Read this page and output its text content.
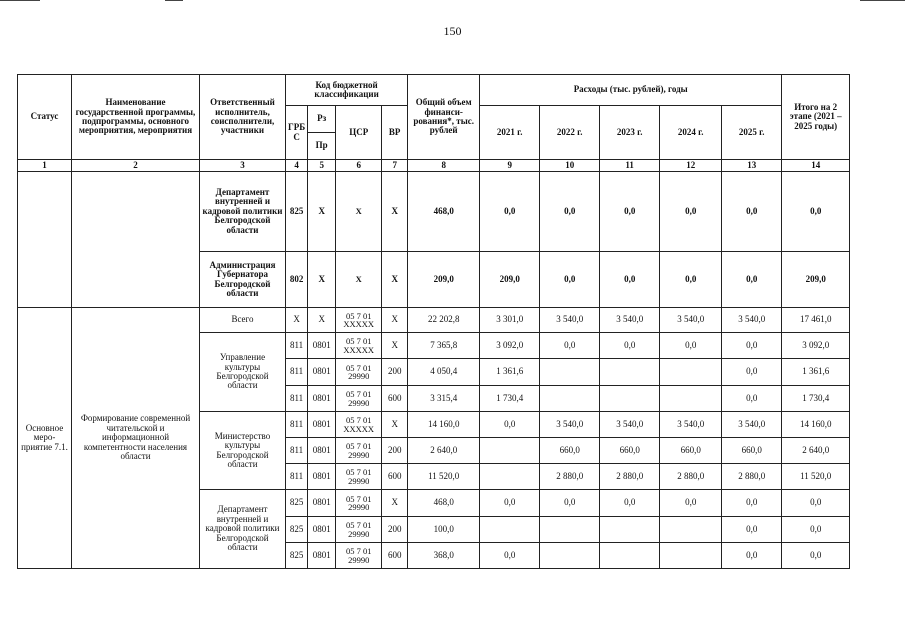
150
Статус	Наименование государственной программы, подпрограммы, основного мероприятия, мероприятия	Ответственный исполнитель, соисполнители, участники	Код бюджетной классификации				Общий объем финанси-рования*, тыс. рублей	Расходы (тыс. рублей), годы					Итого на 2 этапе (2021 – 2025 годы)
			ГРБ С	Рз	ЦСР	ВР		2021 г.	2022 г.	2023 г.	2024 г.	2025 г.	
				Пр									
1	2	3	4	5	6	7	8	9	10	11	12	13	14
		Департамент внутренней и кадровой политики Белгородской области	825	Х	Х	Х	468,0	0,0	0,0	0,0	0,0	0,0	0,0
		Администрация Губернатора Белгородской области	802	Х	Х	Х	209,0	209,0	0,0	0,0	0,0	0,0	209,0
Основное меро-приятие 7.1.	Формирование современной читательской и информационной компетентности населения области	Всего	Х	Х	05 7 01 ХХХХХ	Х	22 202,8	3 301,0	3 540,0	3 540,0	3 540,0	3 540,0	17 461,0
		Управление культуры Белгородской области	811	0801	05 7 01 ХХХХХ	Х	7 365,8	3 092,0	0,0	0,0	0,0	0,0	3 092,0
			811	0801	05 7 01 29990	200	4 050,4	1 361,6				0,0	1 361,6
			811	0801	05 7 01 29990	600	3 315,4	1 730,4				0,0	1 730,4
		Министерство культуры Белгородской области	811	0801	05 7 01 ХХХХХ	Х	14 160,0	0,0	3 540,0	3 540,0	3 540,0	3 540,0	14 160,0
			811	0801	05 7 01 29990	200	2 640,0		660,0	660,0	660,0	660,0	2 640,0
			811	0801	05 7 01 29990	600	11 520,0		2 880,0	2 880,0	2 880,0	2 880,0	11 520,0
		Департамент внутренней и кадровой политики Белгородской области	825	0801	05 7 01 29990	Х	468,0	0,0	0,0	0,0	0,0	0,0	0,0
			825	0801	05 7 01 29990	200	100,0					0,0	0,0
			825	0801	05 7 01 29990	600	368,0	0,0				0,0	0,0
